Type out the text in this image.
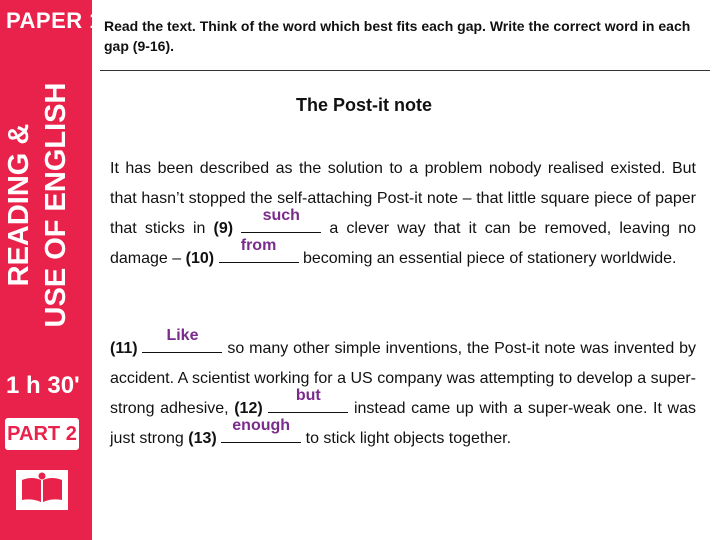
PAPER 1
READING & USE OF ENGLISH
1 h 30'
PART 2
Read the text. Think of the word which best fits each gap. Write the correct word in each gap (9-16).
The Post-it note
It has been described as the solution to a problem nobody realised existed. But that hasn’t stopped the self-attaching Post-it note – that little square piece of paper that sticks in (9)
such
a clever way that it can be removed, leaving no damage – (10)
from
becoming an essential piece of stationery worldwide.
(11)
Like
so many other simple inventions, the Post-it note was invented by accident. A scientist working for a US company was attempting to develop a super-strong adhesive, (12)
but
instead came up with a super-weak one. It was just strong (13)
enough
to stick light objects together.
